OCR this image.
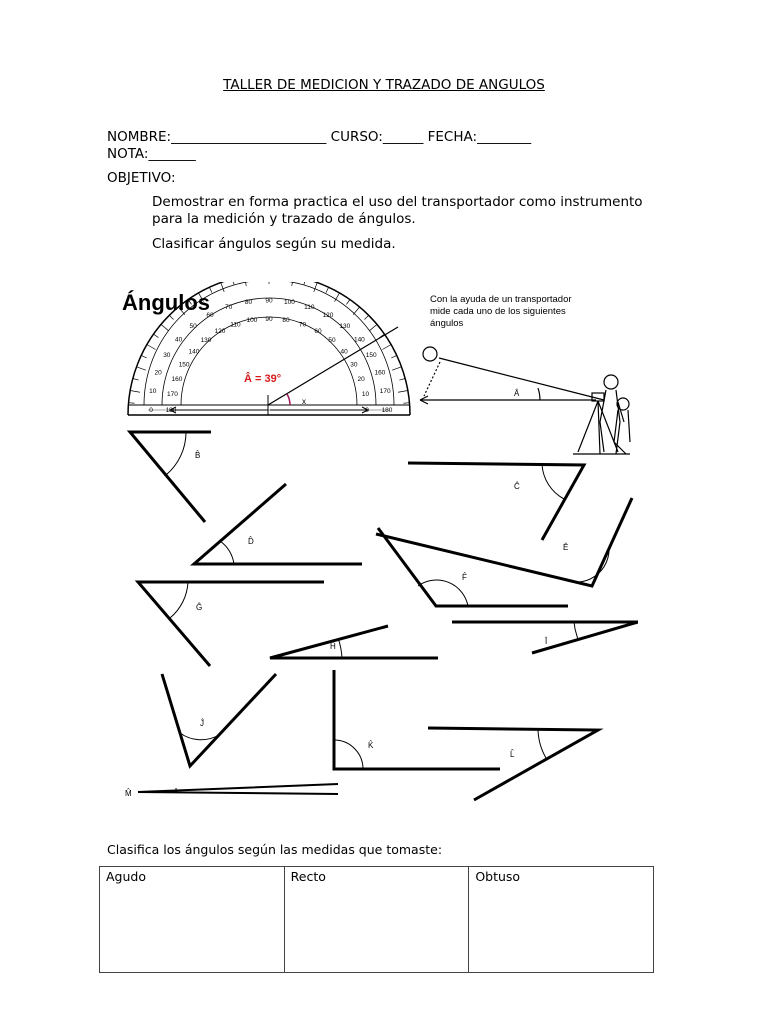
TALLER DE MEDICION Y TRAZADO DE ANGULOS
NOMBRE:_______________________ CURSO:______ FECHA:________
NOTA:_______
OBJETIVO:
Demostrar en forma practica el uso del transportador como instrumento para la medición y trazado de ángulos.
Clasificar ángulos según su medida.
Ángulos
0 180
10 170
20
160
30
150
40
140
50
130
60
120
70
110
80
100
90
90
100
80
110
70
120
60
130
50	140
40
150
30
160
20
170
10
180
0
Â = 39°
x
Con la ayuda de un transportador mide cada uno de los siguientes ángulos
Â
B̂
Ĉ
D̂
Ê
F̂
Ĝ
Ĥ
Î
Ĵ
K̂
L̂
M̂
Clasifica los ángulos según las medidas que tomaste:
Agudo	Recto	Obtuso
